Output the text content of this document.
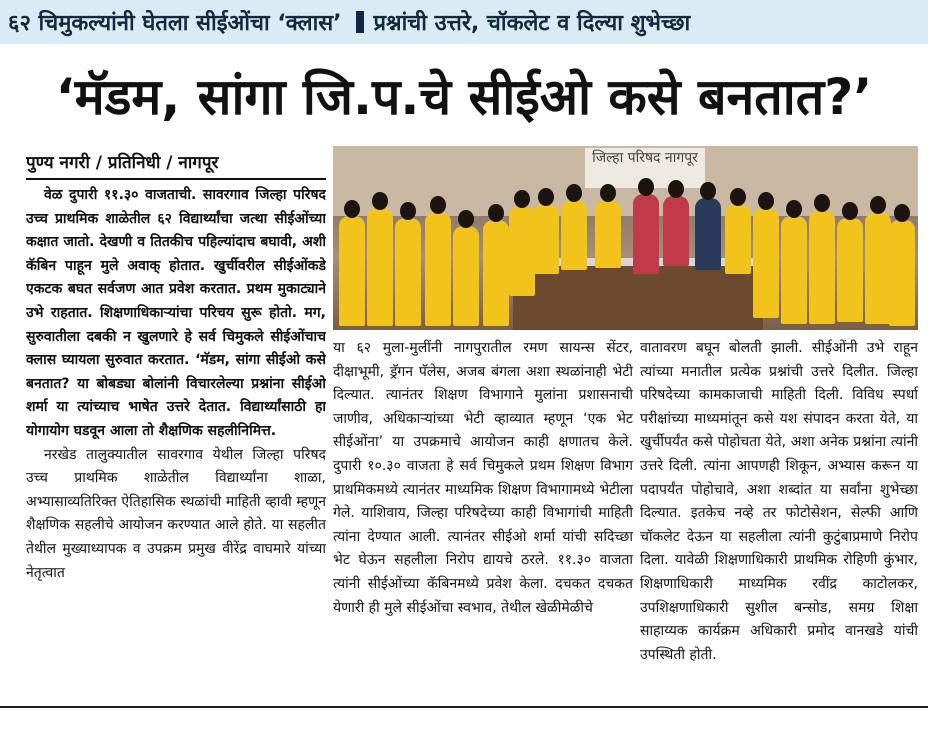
६२ चिमुकल्यांनी घेतला सीईओंचा ‘क्लास’ प्रश्नांची उत्तरे, चॉकलेट व दिल्या शुभेच्छा
‘मॅडम, सांगा जि.प.चे सीईओ कसे बनतात?’
पुण्य नगरी / प्रतिनिधी / नागपूर	जिल्हा परिषद नागपूर

वेळ दुपारी ११.३० वाजताची. सावरगाव जिल्हा परिषद उच्च प्राथमिक शाळेतील ६२ विद्यार्थ्यांचा जत्था सीईओंच्या कक्षात जातो. देखणी व तितकीच पहिल्यांदाच बघावी, अशी कॅबिन पाहून मुले अवाक् होतात. खुर्चीवरील सीईओंकडे एकटक बघत सर्वजण आत प्रवेश करतात. प्रथम मुकाट्याने उभे राहतात. शिक्षणाधिकाऱ्यांचा परिचय सुरू होतो. मग, सुरुवातीला दबकी न खुलणारे हे सर्व चिमुकले सीईओंचाच क्लास घ्यायला सुरुवात करतात. ‘मॅडम, सांगा सीईओ कसे बनतात? या बोबड्या बोलांनी विचारलेल्या प्रश्नांना सीईओ शर्मा या त्यांच्याच भाषेत उत्तरे देतात. विद्यार्थ्यांसाठी हा योगायोग घडवून आला तो शैक्षणिक सहलीनिमित्त.

नरखेड तालुक्यातील सावरगाव येथील जिल्हा परिषद उच्च प्राथमिक शाळेतील विद्यार्थ्यांना शाळा, अभ्यासाव्यतिरिक्त ऐतिहासिक स्थळांची माहिती व्हावी म्हणून शैक्षणिक सहलीचे आयोजन करण्यात आले होते. या सहलीत तेथील मुख्याध्यापक व उपक्रम प्रमुख वीरेंद्र वाघमारे यांच्या नेतृत्वात

या ६२ मुला-मुलींनी नागपुरातील रमण सायन्स सेंटर, दीक्षाभूमी, ड्रॅगन पॅलेस, अजब बंगला अशा स्थळांनाही भेटी दिल्यात. त्यानंतर शिक्षण विभागाने मुलांना प्रशासनाची जाणीव, अधिकाऱ्यांच्या भेटी व्हाव्यात म्हणून ‘एक भेट सीईओंना’ या उपक्रमाचे आयोजन काही क्षणातच केले. दुपारी १०.३० वाजता हे सर्व चिमुकले प्रथम शिक्षण विभाग प्राथमिकमध्ये त्यानंतर माध्यमिक शिक्षण विभागामध्ये भेटीला गेले. याशिवाय, जिल्हा परिषदेच्या काही विभागांची माहिती त्यांना देण्यात आली. त्यानंतर सीईओ शर्मा यांची सदिच्छा भेट घेऊन सहलीला निरोप द्यायचे ठरले. ११.३० वाजता त्यांनी सीईओंच्या कॅबिनमध्ये प्रवेश केला. दचकत दचकत येणारी ही मुले सीईओंचा स्वभाव, तेथील खेळीमेळीचे

वातावरण बघून बोलती झाली. सीईओंनी उभे राहून त्यांच्या मनातील प्रत्येक प्रश्नांची उत्तरे दिलीत. जिल्हा परिषदेच्या कामकाजाची माहिती दिली. विविध स्पर्धा परीक्षांच्या माध्यमांतून कसे यश संपादन करता येते, या खुर्चीपर्यंत कसे पोहोचता येते, अशा अनेक प्रश्नांना त्यांनी उत्तरे दिली. त्यांना आपणही शिकून, अभ्यास करून या पदापर्यंत पोहोचावे, अशा शब्दांत या सर्वांना शुभेच्छा दिल्यात. इतकेच नव्हे तर फोटोसेशन, सेल्फी आणि चॉकलेट देऊन या सहलीला त्यांनी कुटुंबाप्रमाणे निरोप दिला. यावेळी शिक्षणाधिकारी प्राथमिक रोहिणी कुंभार, शिक्षणाधिकारी माध्यमिक रवींद्र काटोलकर, उपशिक्षणाधिकारी सुशील बन्सोड, समग्र शिक्षा साहाय्यक कार्यक्रम अधिकारी प्रमोद वानखडे यांची उपस्थिती होती.
